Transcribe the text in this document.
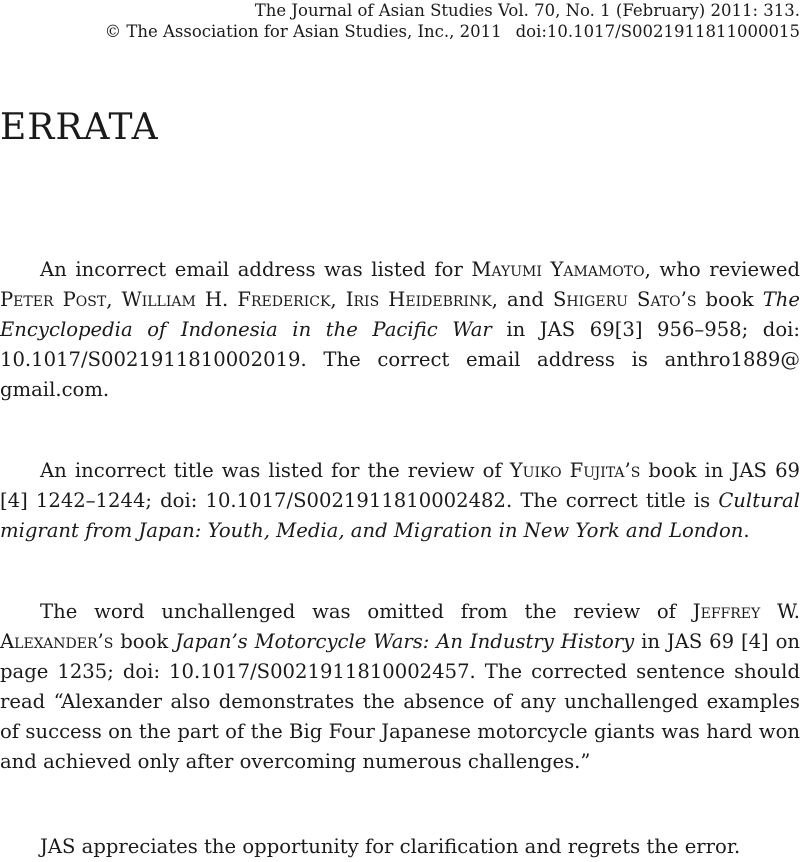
The Journal of Asian Studies Vol. 70, No. 1 (February) 2011: 313.
© The Association for Asian Studies, Inc., 2011 doi:10.1017/S0021911811000015
ERRATA

An incorrect email address was listed for Mayumi Yamamoto, who reviewed Peter Post, William H. Frederick, Iris Heidebrink, and Shigeru Sato’s book The Encyclopedia of Indonesia in the Pacific War in JAS 69[3] 956–958; doi: 10.1017/S0021911810002019. The correct email address is anthro1889@ gmail.com.

An incorrect title was listed for the review of Yuiko Fujita’s book in JAS 69 [4] 1242–1244; doi: 10.1017/S0021911810002482. The correct title is Cultural migrant from Japan: Youth, Media, and Migration in New York and London.

The word unchallenged was omitted from the review of Jeffrey W. Alexander’s book Japan’s Motorcycle Wars: An Industry History in JAS 69 [4] on page 1235; doi: 10.1017/S0021911810002457. The corrected sentence should read “Alexander also demonstrates the absence of any unchallenged examples of success on the part of the Big Four Japanese motorcycle giants was hard won and achieved only after overcoming numerous challenges.”

JAS appreciates the opportunity for clarification and regrets the error.
